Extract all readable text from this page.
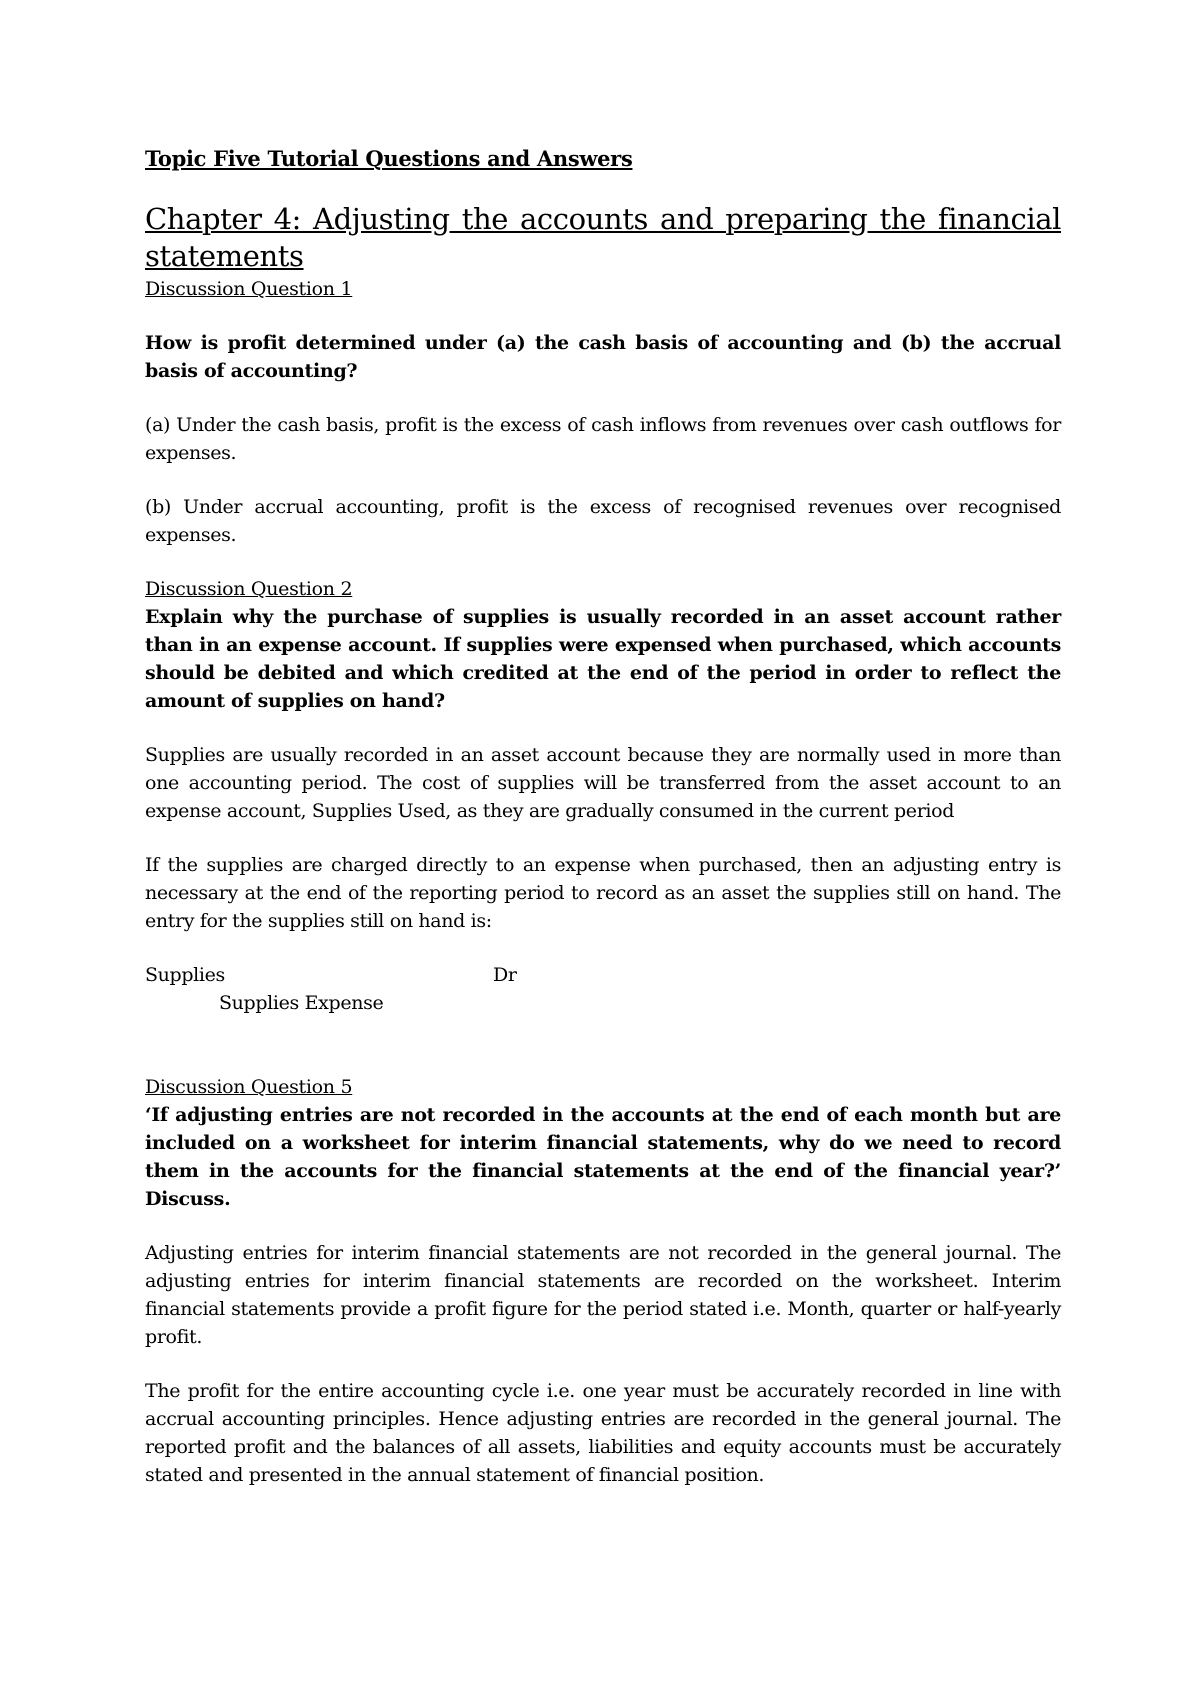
Topic Five Tutorial Questions and Answers
Chapter 4: Adjusting the accounts and preparing the financial statements

Discussion Question 1

How is profit determined under (a) the cash basis of accounting and (b) the accrual basis of accounting?

(a) Under the cash basis, profit is the excess of cash inflows from revenues over cash outflows for expenses.

(b) Under accrual accounting, profit is the excess of recognised revenues over recognised expenses.

Discussion Question 2

Explain why the purchase of supplies is usually recorded in an asset account rather than in an expense account. If supplies were expensed when purchased, which accounts should be debited and which credited at the end of the period in order to reflect the amount of supplies on hand?

Supplies are usually recorded in an asset account because they are normally used in more than one accounting period. The cost of supplies will be transferred from the asset account to an expense account, Supplies Used, as they are gradually consumed in the current period

If the supplies are charged directly to an expense when purchased, then an adjusting entry is necessary at the end of the reporting period to record as an asset the supplies still on hand. The entry for the supplies still on hand is:

Supplies	Dr
Supplies Expense

Discussion Question 5

‘If adjusting entries are not recorded in the accounts at the end of each month but are included on a worksheet for interim financial statements, why do we need to record them in the accounts for the financial statements at the end of the financial year?’ Discuss.

Adjusting entries for interim financial statements are not recorded in the general journal. The adjusting entries for interim financial statements are recorded on the worksheet. Interim financial statements provide a profit figure for the period stated i.e. Month, quarter or half-yearly profit.

The profit for the entire accounting cycle i.e. one year must be accurately recorded in line with accrual accounting principles. Hence adjusting entries are recorded in the general journal. The reported profit and the balances of all assets, liabilities and equity accounts must be accurately stated and presented in the annual statement of financial position.
